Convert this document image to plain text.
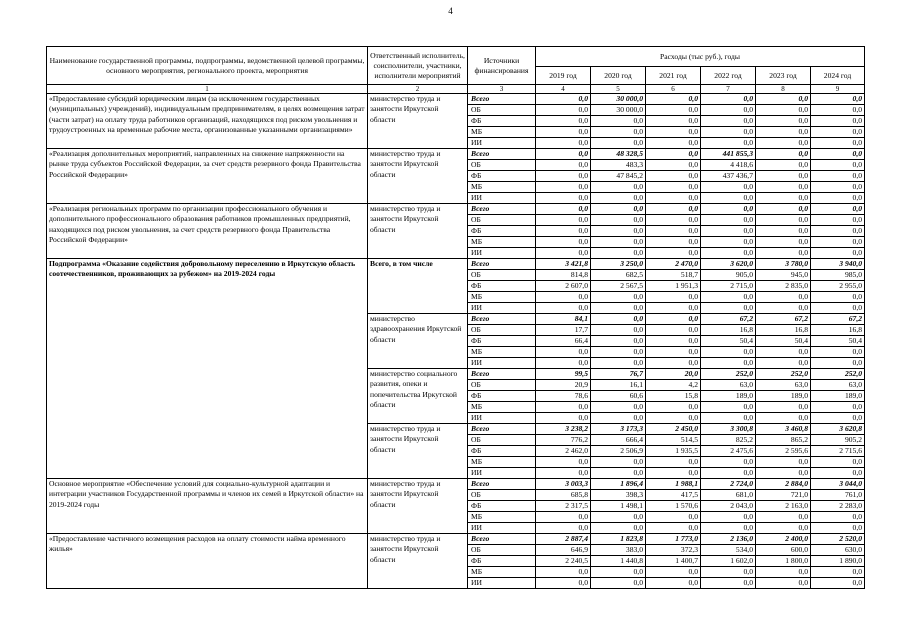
4
Наименование государственной программы, подпрограммы, ведомственной целевой программы, основного мероприятия, регионального проекта, мероприятия	Ответственный исполнитель, соисполнители, участники, исполнители мероприятий	Источники финансирования	Расходы (тыс руб.), годы					
			2019 год	2020 год	2021 год	2022 год	2023 год	2024 год
1	2	3	4	5	6	7	8	9
«Предоставление субсидий юридическим лицам (за исключением государственных (муниципальных) учреждений), индивидуальным предпринимателям, в целях возмещения затрат (части затрат) на оплату труда работников организаций, находящихся под риском увольнения и трудоустроенных на временные рабочие места, организованные указанными организациями»	министерство труда и занятости Иркутской области	Всего	0,0	30 000,0	0,0	0,0	0,0	0,0
		ОБ	0,0	30 000,0	0,0	0,0	0,0	0,0
		ФБ	0,0	0,0	0,0	0,0	0,0	0,0
		МБ	0,0	0,0	0,0	0,0	0,0	0,0
		ИИ	0,0	0,0	0,0	0,0	0,0	0,0
«Реализация дополнительных мероприятий, направленных на снижение напряженности на рынке труда субъектов Российской Федерации, за счет средств резервного фонда Правительства Российской Федерации»	министерство труда и занятости Иркутской области	Всего	0,0	48 328,5	0,0	441 855,3	0,0	0,0
		ОБ	0,0	483,3	0,0	4 418,6	0,0	0,0
		ФБ	0,0	47 845,2	0,0	437 436,7	0,0	0,0
		МБ	0,0	0,0	0,0	0,0	0,0	0,0
		ИИ	0,0	0,0	0,0	0,0	0,0	0,0
«Реализация региональных программ по организации профессионального обучения и дополнительного профессионального образования работников промышленных предприятий, находящихся под риском увольнения, за счет средств резервного фонда Правительства Российской Федерации»	министерство труда и занятости Иркутской области	Всего	0,0	0,0	0,0	0,0	0,0	0,0
		ОБ	0,0	0,0	0,0	0,0	0,0	0,0
		ФБ	0,0	0,0	0,0	0,0	0,0	0,0
		МБ	0,0	0,0	0,0	0,0	0,0	0,0
		ИИ	0,0	0,0	0,0	0,0	0,0	0,0
Подпрограмма «Оказание содействия добровольному переселению в Иркутскую область соотечественников, проживающих за рубежом» на 2019-2024 годы	Всего, в том числе	Всего	3 421,8	3 250,0	2 470,0	3 620,0	3 780,0	3 940,0
		ОБ	814,8	682,5	518,7	905,0	945,0	985,0
		ФБ	2 607,0	2 567,5	1 951,3	2 715,0	2 835,0	2 955,0
		МБ	0,0	0,0	0,0	0,0	0,0	0,0
		ИИ	0,0	0,0	0,0	0,0	0,0	0,0
	министерство здравоохранения Иркутской области	Всего	84,1	0,0	0,0	67,2	67,2	67,2
		ОБ	17,7	0,0	0,0	16,8	16,8	16,8
		ФБ	66,4	0,0	0,0	50,4	50,4	50,4
		МБ	0,0	0,0	0,0	0,0	0,0	0,0
		ИИ	0,0	0,0	0,0	0,0	0,0	0,0
	министерство социального развития, опеки и попечительства Иркутской области	Всего	99,5	76,7	20,0	252,0	252,0	252,0
		ОБ	20,9	16,1	4,2	63,0	63,0	63,0
		ФБ	78,6	60,6	15,8	189,0	189,0	189,0
		МБ	0,0	0,0	0,0	0,0	0,0	0,0
		ИИ	0,0	0,0	0,0	0,0	0,0	0,0
	министерство труда и занятости Иркутской области	Всего	3 238,2	3 173,3	2 450,0	3 300,8	3 460,8	3 620,8
		ОБ	776,2	666,4	514,5	825,2	865,2	905,2
		ФБ	2 462,0	2 506,9	1 935,5	2 475,6	2 595,6	2 715,6
		МБ	0,0	0,0	0,0	0,0	0,0	0,0
		ИИ	0,0	0,0	0,0	0,0	0,0	0,0
Основное мероприятие «Обеспечение условий для социально-культурной адаптации и интеграции участников Государственной программы и членов их семей в Иркутской области» на 2019-2024 годы	министерство труда и занятости Иркутской области	Всего	3 003,3	1 896,4	1 988,1	2 724,0	2 884,0	3 044,0
		ОБ	685,8	398,3	417,5	681,0	721,0	761,0
		ФБ	2 317,5	1 498,1	1 570,6	2 043,0	2 163,0	2 283,0
		МБ	0,0	0,0	0,0	0,0	0,0	0,0
		ИИ	0,0	0,0	0,0	0,0	0,0	0,0
«Предоставление частичного возмещения расходов на оплату стоимости найма временного жилья»	министерство труда и занятости Иркутской области	Всего	2 887,4	1 823,8	1 773,0	2 136,0	2 400,0	2 520,0
		ОБ	646,9	383,0	372,3	534,0	600,0	630,0
		ФБ	2 240,5	1 440,8	1 400,7	1 602,0	1 800,0	1 890,0
		МБ	0,0	0,0	0,0	0,0	0,0	0,0
		ИИ	0,0	0,0	0,0	0,0	0,0	0,0
